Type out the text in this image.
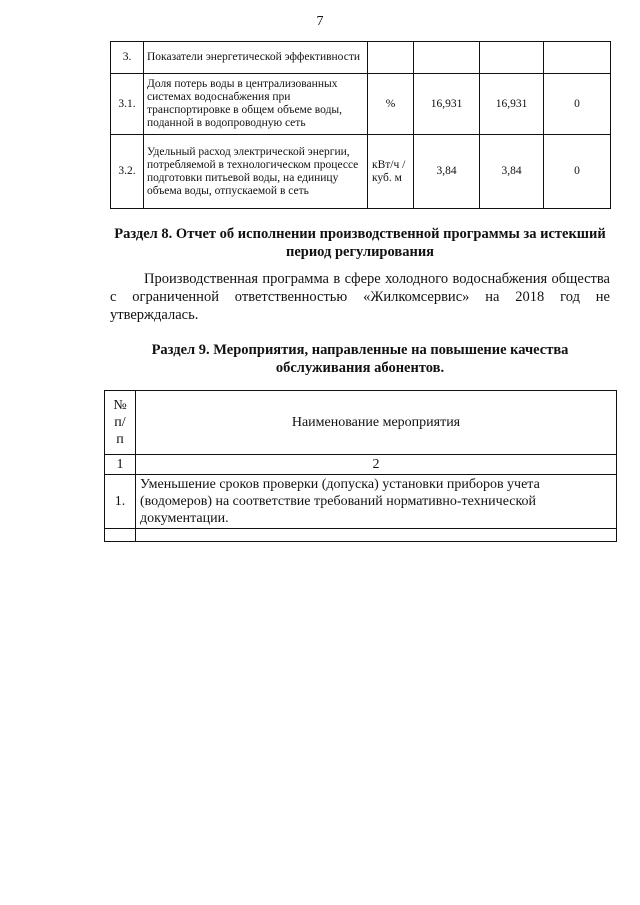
7
3.	Показатели энергетической эффективности				
3.1.	Доля потерь воды в централизованных системах водоснабжения при транспортировке в общем объеме воды, поданной в водопроводную сеть	%	16,931	16,931	0
3.2.	Удельный расход электрической энергии, потребляемой в технологическом процессе подготовки питьевой воды, на единицу объема воды, отпускаемой в сеть	кВт/ч /куб. м	3,84	3,84	0
Раздел 8. Отчет об исполнении производственной программы за истекший период регулирования
Производственная программа в сфере холодного водоснабжения общества с ограниченной ответственностью «Жилкомсервис» на 2018 год не утверждалась.
Раздел 9. Мероприятия, направленные на повышение качества обслуживания абонентов.
№ п/ п	Наименование мероприятия
1	2
1.	Уменьшение сроков проверки (допуска) установки приборов учета (водомеров) на соответствие требований нормативно-технической документации.
